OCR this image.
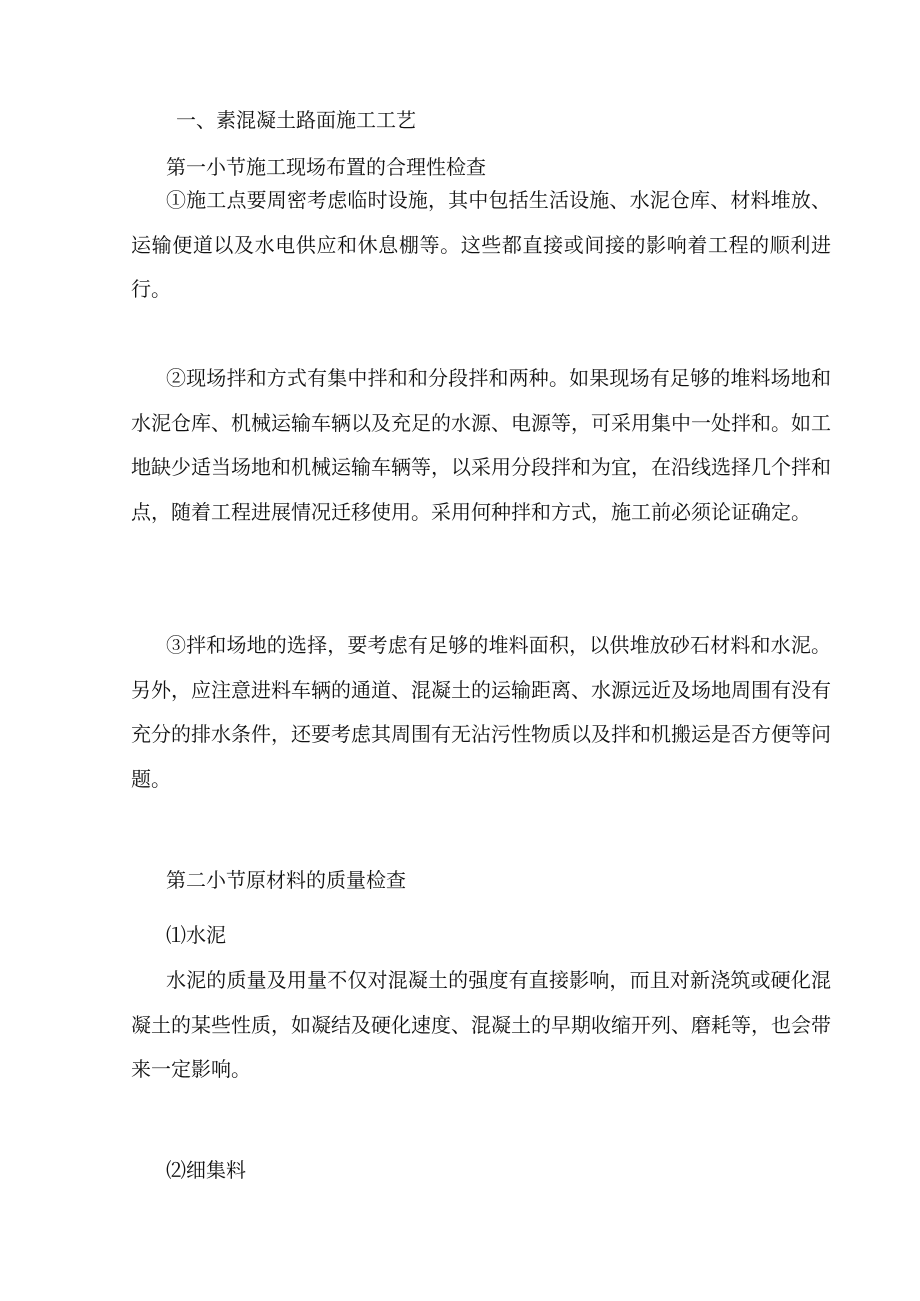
一、素混凝土路面施工工艺
第一小节施工现场布置的合理性检查

①施工点要周密考虑临时设施，其中包括生活设施、水泥仓库、材料堆放、运输便道以及水电供应和休息棚等。这些都直接或间接的影响着工程的顺利进行。

②现场拌和方式有集中拌和和分段拌和两种。如果现场有足够的堆料场地和水泥仓库、机械运输车辆以及充足的水源、电源等，可采用集中一处拌和。如工地缺少适当场地和机械运输车辆等，以采用分段拌和为宜，在沿线选择几个拌和点，随着工程进展情况迁移使用。采用何种拌和方式，施工前必须论证确定。

③拌和场地的选择，要考虑有足够的堆料面积，以供堆放砂石材料和水泥。另外，应注意进料车辆的通道、混凝土的运输距离、水源远近及场地周围有没有充分的排水条件，还要考虑其周围有无沾污性物质以及拌和机搬运是否方便等问题。

第二小节原材料的质量检查
⑴水泥

水泥的质量及用量不仅对混凝土的强度有直接影响，而且对新浇筑或硬化混凝土的某些性质，如凝结及硬化速度、混凝土的早期收缩开列、磨耗等，也会带来一定影响。

⑵细集料
